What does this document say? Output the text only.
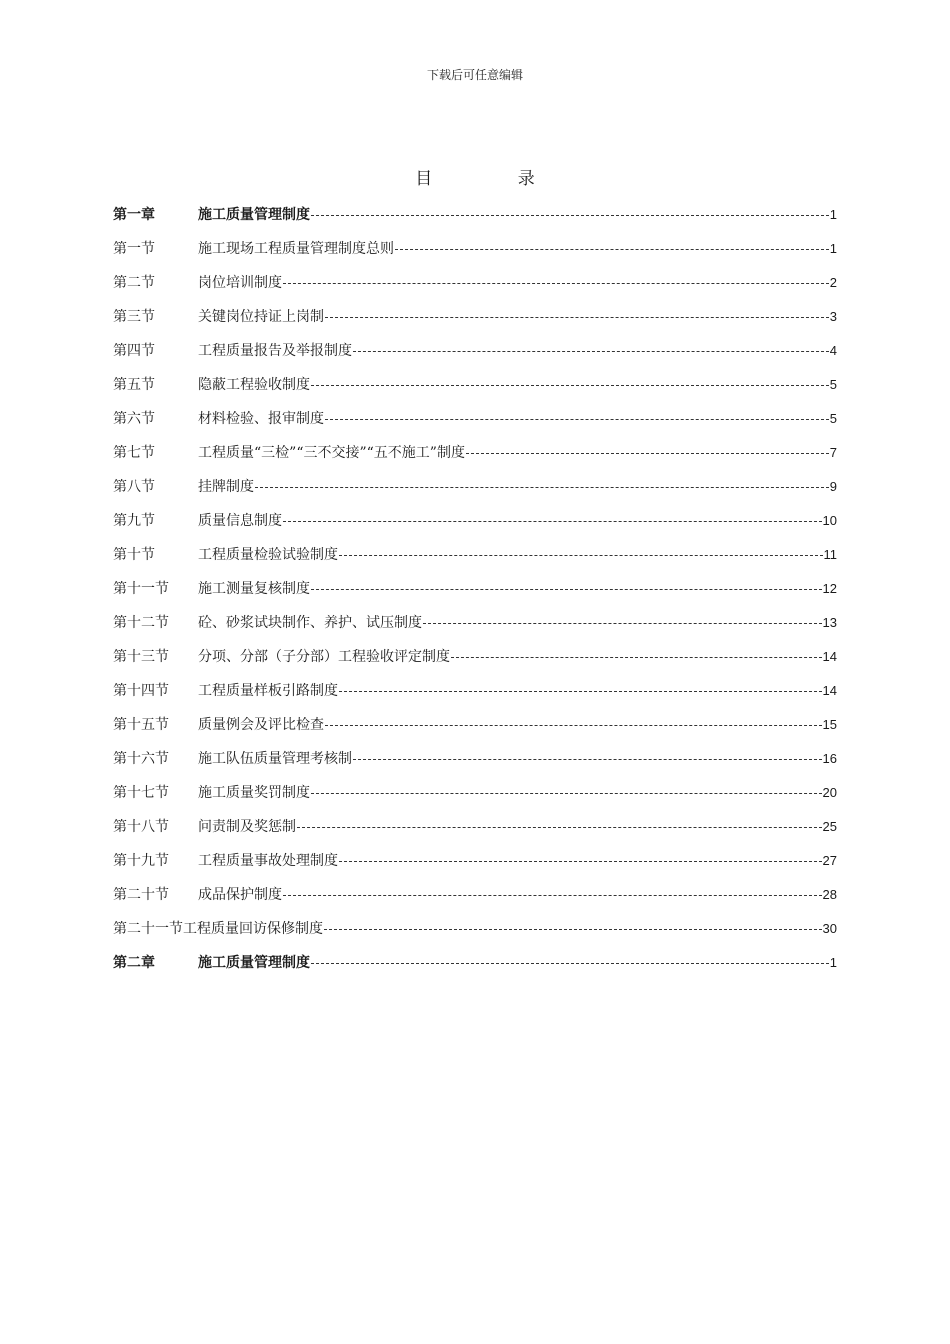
下载后可任意编辑
目 录
第一章	施工质量管理制度	1
第一节	施工现场工程质量管理制度总则	1
第二节	岗位培训制度	2
第三节	关键岗位持证上岗制	3
第四节	工程质量报告及举报制度	4
第五节	隐蔽工程验收制度	5
第六节	材料检验、报审制度	5
第七节	工程质量“三检”“三不交接”“五不施工”制度	7
第八节	挂牌制度	9
第九节	质量信息制度	10
第十节	工程质量检验试验制度	11
第十一节	施工测量复核制度	12
第十二节	砼、砂浆试块制作、养护、试压制度	13
第十三节	分项、分部（子分部）工程验收评定制度	14
第十四节	工程质量样板引路制度	14
第十五节	质量例会及评比检查	15
第十六节	施工队伍质量管理考核制	16
第十七节	施工质量奖罚制度	20
第十八节	问责制及奖惩制	25
第十九节	工程质量事故处理制度	27
第二十节	成品保护制度	28
第二十一节 工程质量回访保修制度	30
第二章	施工质量管理制度	1
